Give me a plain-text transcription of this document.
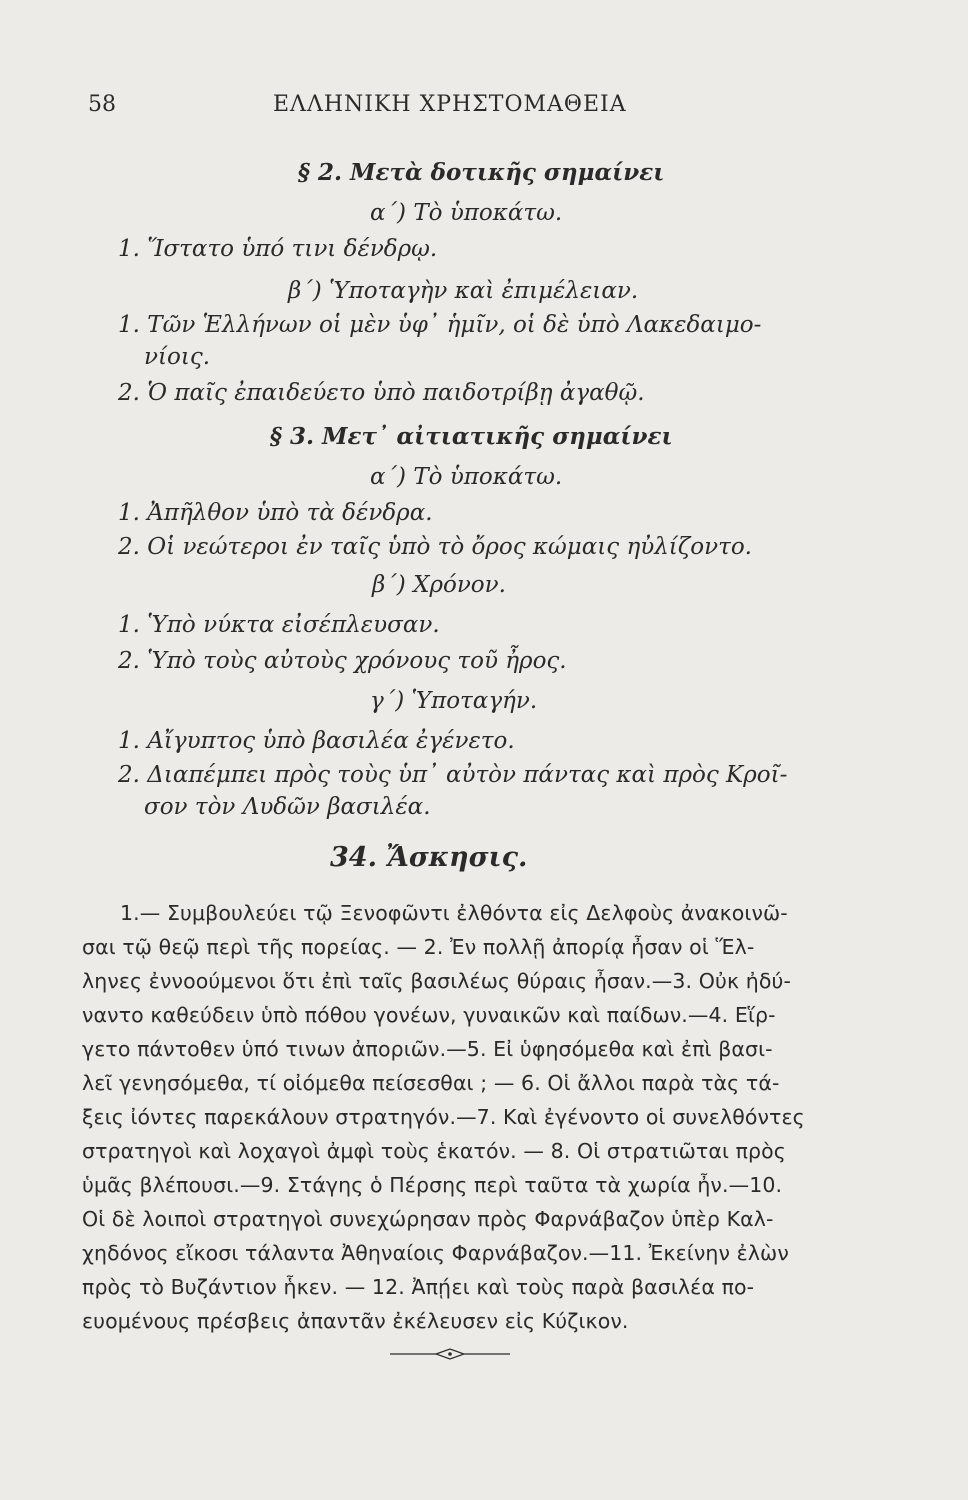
58	ΕΛΛΗΝΙΚΗ ΧΡΗΣΤΟΜΑΘΕΙΑ
§ 2. Μετὰ δοτικῆς σημαίνει
α΄) Τὸ ὑποκάτω.
1. Ἵστατο ὑπό τινι δένδρῳ.
β΄) Ὑποταγὴν καὶ ἐπιμέλειαν.
1. Τῶν Ἑλλήνων οἱ μὲν ὑφ᾽ ἡμῖν, οἱ δὲ ὑπὸ Λακεδαιμο-
νίοις.
2. Ὁ παῖς ἐπαιδεύετο ὑπὸ παιδοτρίβῃ ἀγαθῷ.
§ 3. Μετ᾽ αἰτιατικῆς σημαίνει
α΄) Τὸ ὑποκάτω.
1. Ἀπῆλθον ὑπὸ τὰ δένδρα.
2. Οἱ νεώτεροι ἐν ταῖς ὑπὸ τὸ ὄρος κώμαις ηὐλίζοντο.
β΄) Χρόνον.
1. Ὑπὸ νύκτα εἰσέπλευσαν.
2. Ὑπὸ τοὺς αὐτοὺς χρόνους τοῦ ἦρος.
γ΄) Ὑποταγήν.
1. Αἴγυπτος ὑπὸ βασιλέα ἐγένετο.
2. Διαπέμπει πρὸς τοὺς ὑπ᾽ αὐτὸν πάντας καὶ πρὸς Κροῖ-
σον τὸν Λυδῶν βασιλέα.
34. Ἄσκησις.
1.— Συμβουλεύει τῷ Ξενοφῶντι ἐλθόντα εἰς Δελφοὺς ἀνακοινῶ-
σαι τῷ θεῷ περὶ τῆς πορείας. — 2. Ἐν πολλῇ ἀπορίᾳ ἦσαν οἱ Ἕλ-
ληνες ἐννοούμενοι ὅτι ἐπὶ ταῖς βασιλέως θύραις ἦσαν.—3. Οὐκ ἠδύ-
ναντο καθεύδειν ὑπὸ πόθου γονέων, γυναικῶν καὶ παίδων.—4. Εἵρ-
γετο πάντοθεν ὑπό τινων ἀποριῶν.—5. Εἰ ὑφησόμεθα καὶ ἐπὶ βασι-
λεῖ γενησόμεθα, τί οἰόμεθα πείσεσθαι ; — 6. Οἱ ἄλλοι παρὰ τὰς τά-
ξεις ἰόντες παρεκάλουν στρατηγόν.—7. Καὶ ἐγένοντο οἱ συνελθόντες
στρατηγοὶ καὶ λοχαγοὶ ἀμφὶ τοὺς ἑκατόν. — 8. Οἱ στρατιῶται πρὸς
ὑμᾶς βλέπουσι.—9. Στάγης ὁ Πέρσης περὶ ταῦτα τὰ χωρία ἦν.—10.
Οἱ δὲ λοιποὶ στρατηγοὶ συνεχώρησαν πρὸς Φαρνάβαζον ὑπὲρ Καλ-
χηδόνος εἴκοσι τάλαντα Ἀθηναίοις Φαρνάβαζον.—11. Ἐκείνην ἐλὼν
πρὸς τὸ Βυζάντιον ἧκεν. — 12. Ἀπῄει καὶ τοὺς παρὰ βασιλέα πο-
ευομένους πρέσβεις ἀπαντᾶν ἐκέλευσεν εἰς Κύζικον.
